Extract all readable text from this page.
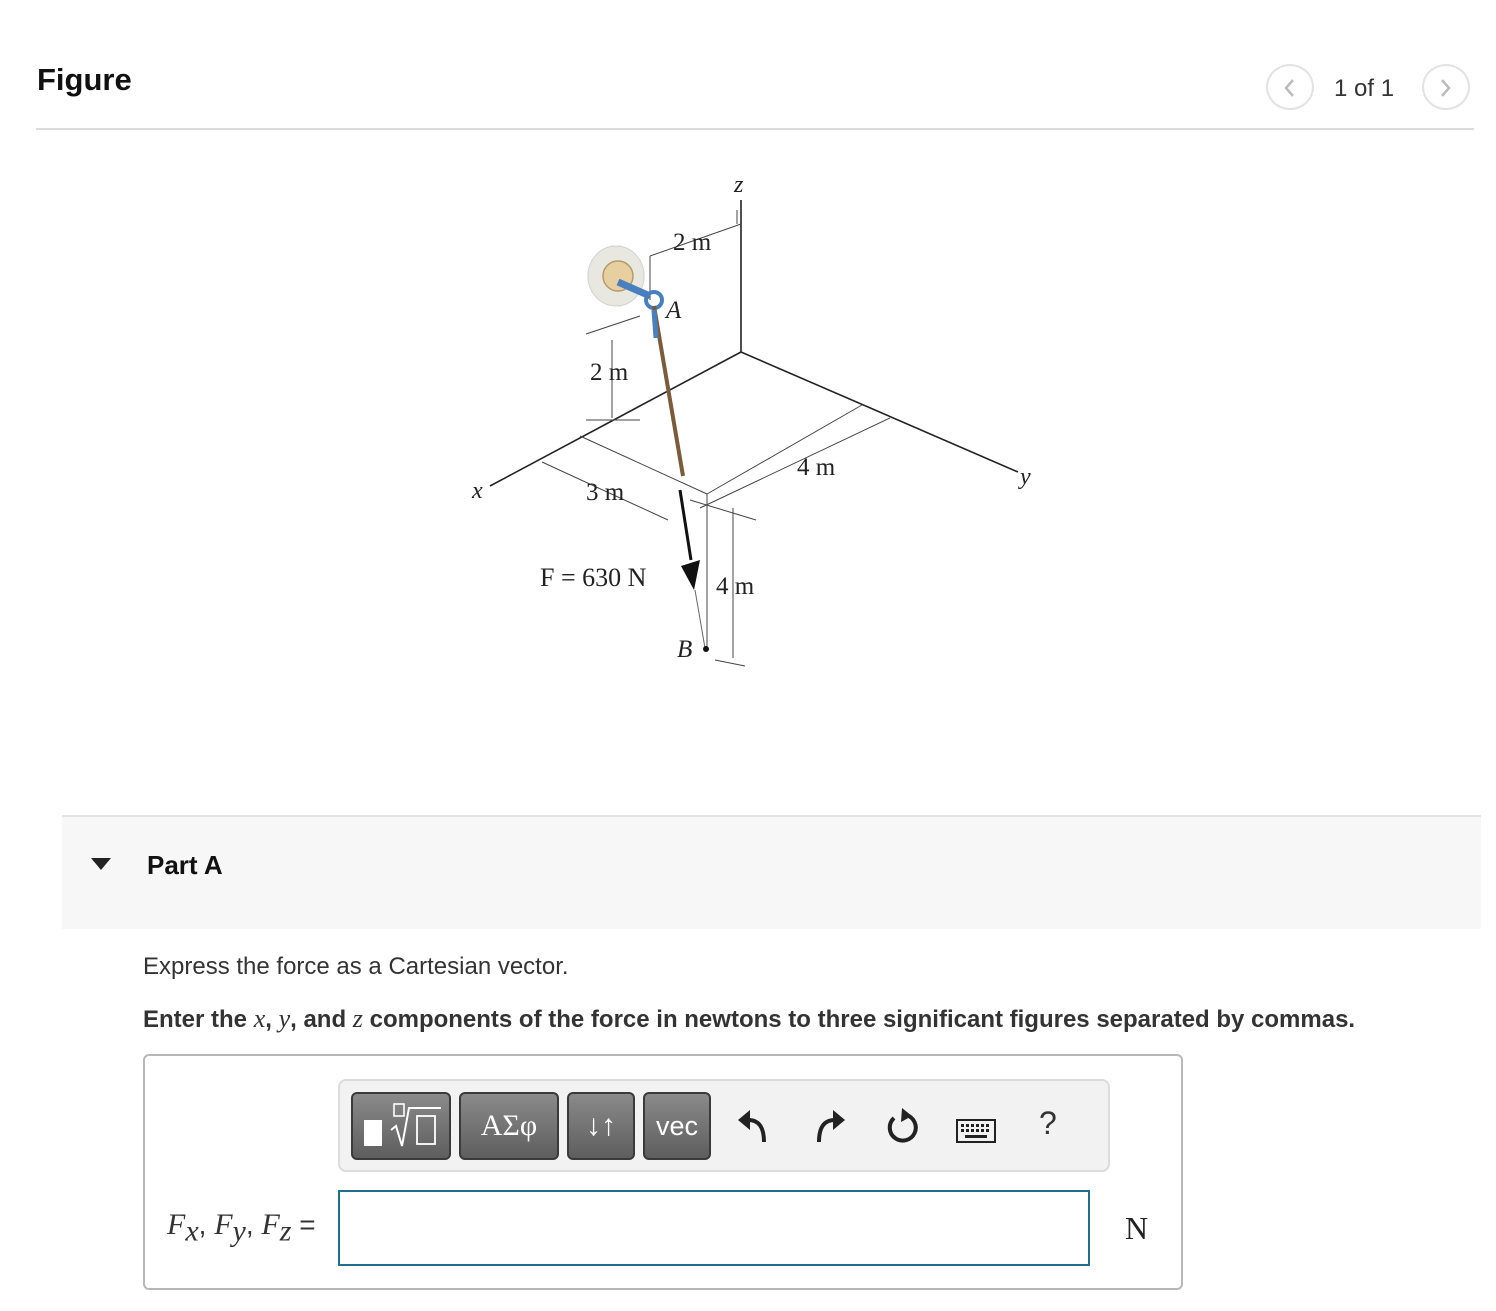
Figure	1 of 1
z
x
y
2 m
2 m
3 m
4 m
4 m
A
B
F = 630 N
Part A
Express the force as a Cartesian vector.
Enter the x, y, and z components of the force in newtons to three significant figures separated by commas.
ΑΣφ	↓↑	vec	?
$F_x$, $F_y$, $F_z$ =	N
